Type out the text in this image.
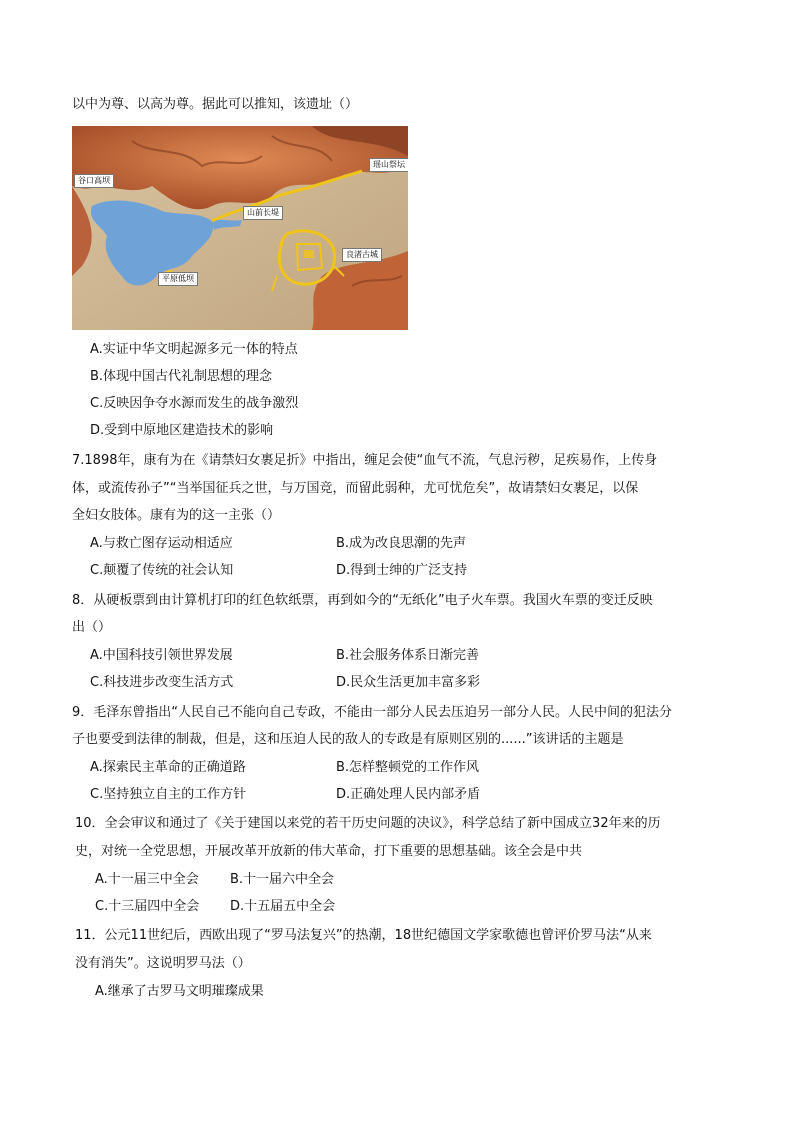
以中为尊、以高为尊。据此可以推知，该遗址（）
瑶山祭坛
谷口高坝
山前长堤
良渚古城
平原低坝
A.实证中华文明起源多元一体的特点
B.体现中国古代礼制思想的理念
C.反映因争夺水源而发生的战争激烈
D.受到中原地区建造技术的影响
7.1898年，康有为在《请禁妇女裹足折》中指出，缠足会使“血气不流，气息污秽，足疾易作，上传身
体，或流传孙子”“当举国征兵之世，与万国竞，而留此弱种，尤可忧危矣”，故请禁妇女裹足，以保
全妇女肢体。康有为的这一主张（）
A.与救亡图存运动相适应	B.成为改良思潮的先声
C.颠覆了传统的社会认知	D.得到士绅的广泛支持
8．从硬板票到由计算机打印的红色软纸票，再到如今的“无纸化”电子火车票。我国火车票的变迁反映
出（）
A.中国科技引领世界发展	B.社会服务体系日渐完善
C.科技进步改变生活方式	D.民众生活更加丰富多彩
9．毛泽东曾指出“人民自己不能向自己专政，不能由一部分人民去压迫另一部分人民。人民中间的犯法分
子也要受到法律的制裁，但是，这和压迫人民的敌人的专政是有原则区别的......”该讲话的主题是
A.探索民主革命的正确道路	B.怎样整顿党的工作作风
C.坚持独立自主的工作方针	D.正确处理人民内部矛盾
10．全会审议和通过了《关于建国以来党的若干历史问题的决议》，科学总结了新中国成立32年来的历
史，对统一全党思想，开展改革开放新的伟大革命，打下重要的思想基础。该全会是中共
A.十一届三中全会 B.十一届六中全会
C.十三届四中全会 D.十五届五中全会
11．公元11世纪后，西欧出现了“罗马法复兴”的热潮，18世纪德国文学家歌德也曾评价罗马法“从来
没有消失”。这说明罗马法（）
A.继承了古罗马文明璀璨成果
